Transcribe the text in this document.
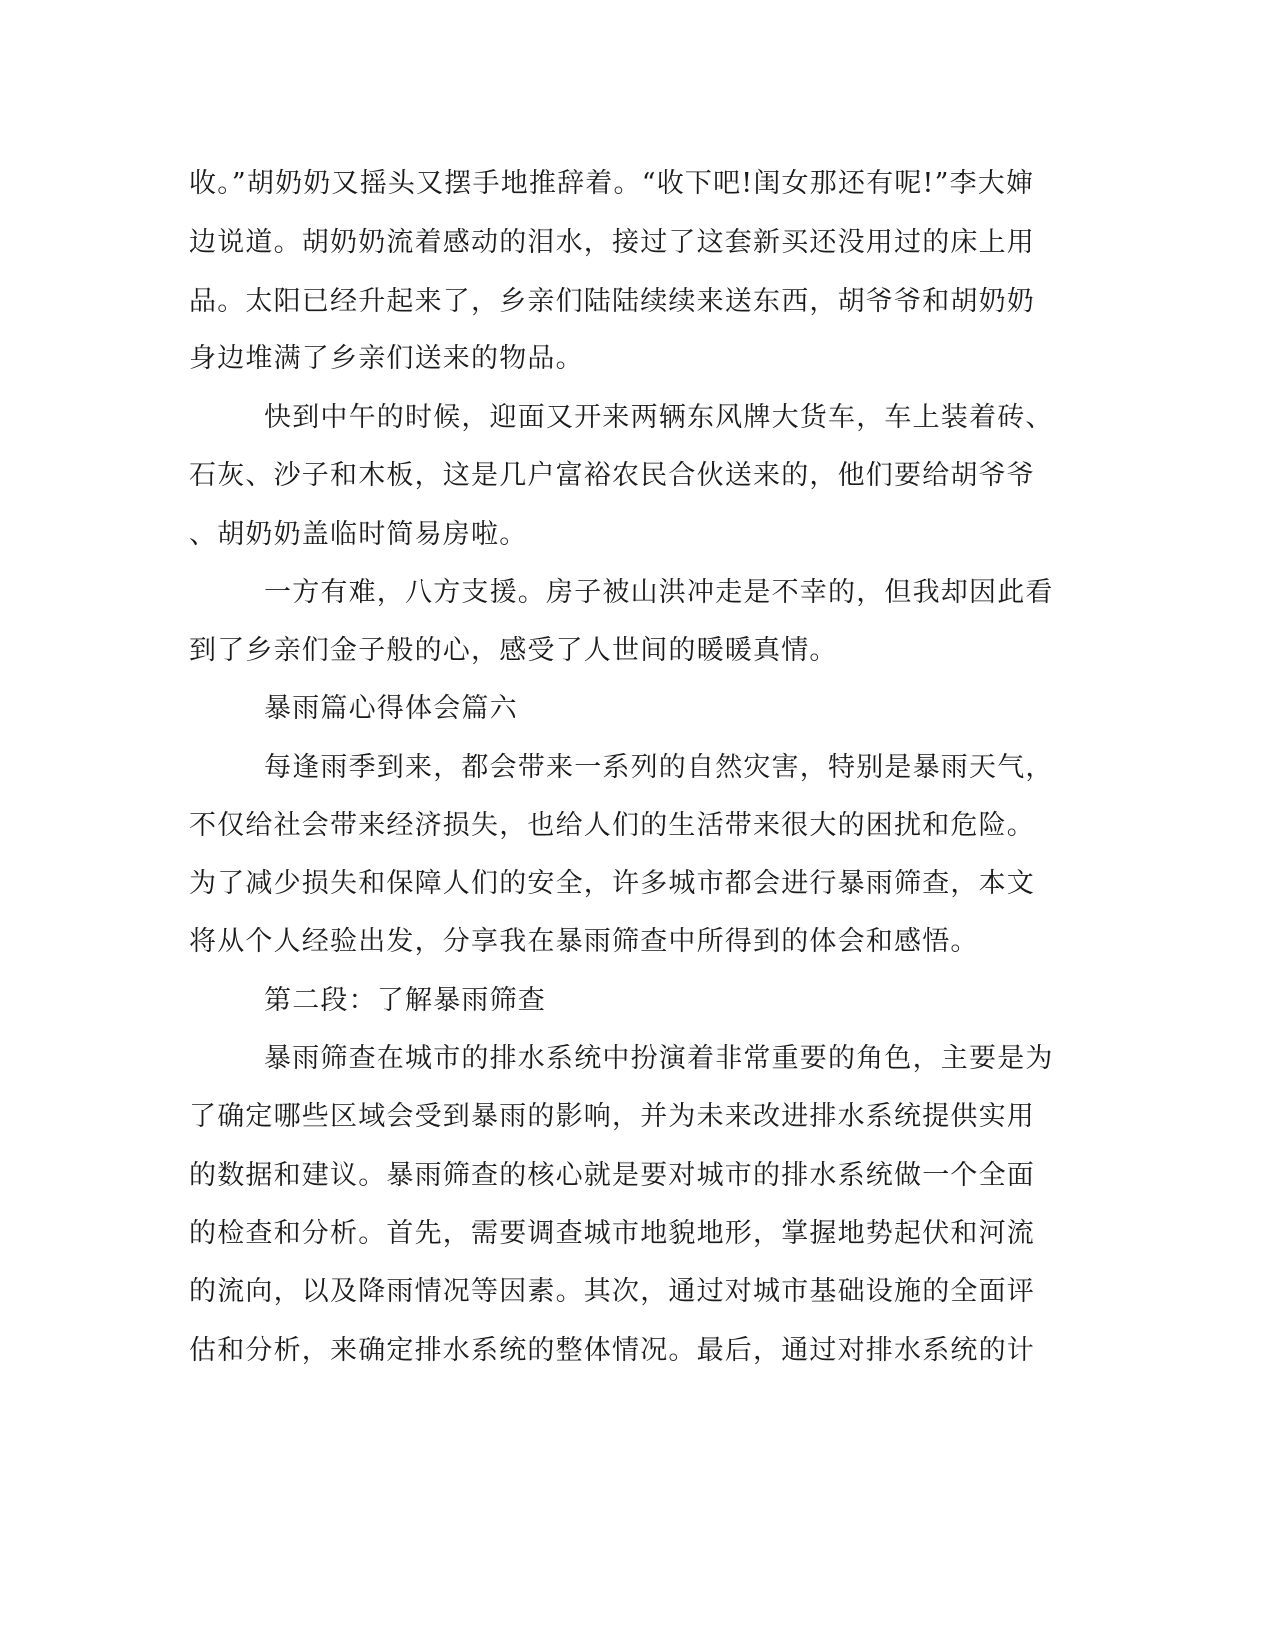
收。”胡奶奶又摇头又摆手地推辞着。“收下吧!闺女那还有呢!”李大婶
边说道。胡奶奶流着感动的泪水，接过了这套新买还没用过的床上用
品。太阳已经升起来了，乡亲们陆陆续续来送东西，胡爷爷和胡奶奶
身边堆满了乡亲们送来的物品。
快到中午的时候，迎面又开来两辆东风牌大货车，车上装着砖、
石灰、沙子和木板，这是几户富裕农民合伙送来的，他们要给胡爷爷
、胡奶奶盖临时简易房啦。
一方有难，八方支援。房子被山洪冲走是不幸的，但我却因此看
到了乡亲们金子般的心，感受了人世间的暖暖真情。
暴雨篇心得体会篇六
每逢雨季到来，都会带来一系列的自然灾害，特别是暴雨天气，
不仅给社会带来经济损失，也给人们的生活带来很大的困扰和危险。
为了减少损失和保障人们的安全，许多城市都会进行暴雨筛查，本文
将从个人经验出发，分享我在暴雨筛查中所得到的体会和感悟。
第二段：了解暴雨筛查
暴雨筛查在城市的排水系统中扮演着非常重要的角色，主要是为
了确定哪些区域会受到暴雨的影响，并为未来改进排水系统提供实用
的数据和建议。暴雨筛查的核心就是要对城市的排水系统做一个全面
的检查和分析。首先，需要调查城市地貌地形，掌握地势起伏和河流
的流向，以及降雨情况等因素。其次，通过对城市基础设施的全面评
估和分析，来确定排水系统的整体情况。最后，通过对排水系统的计
